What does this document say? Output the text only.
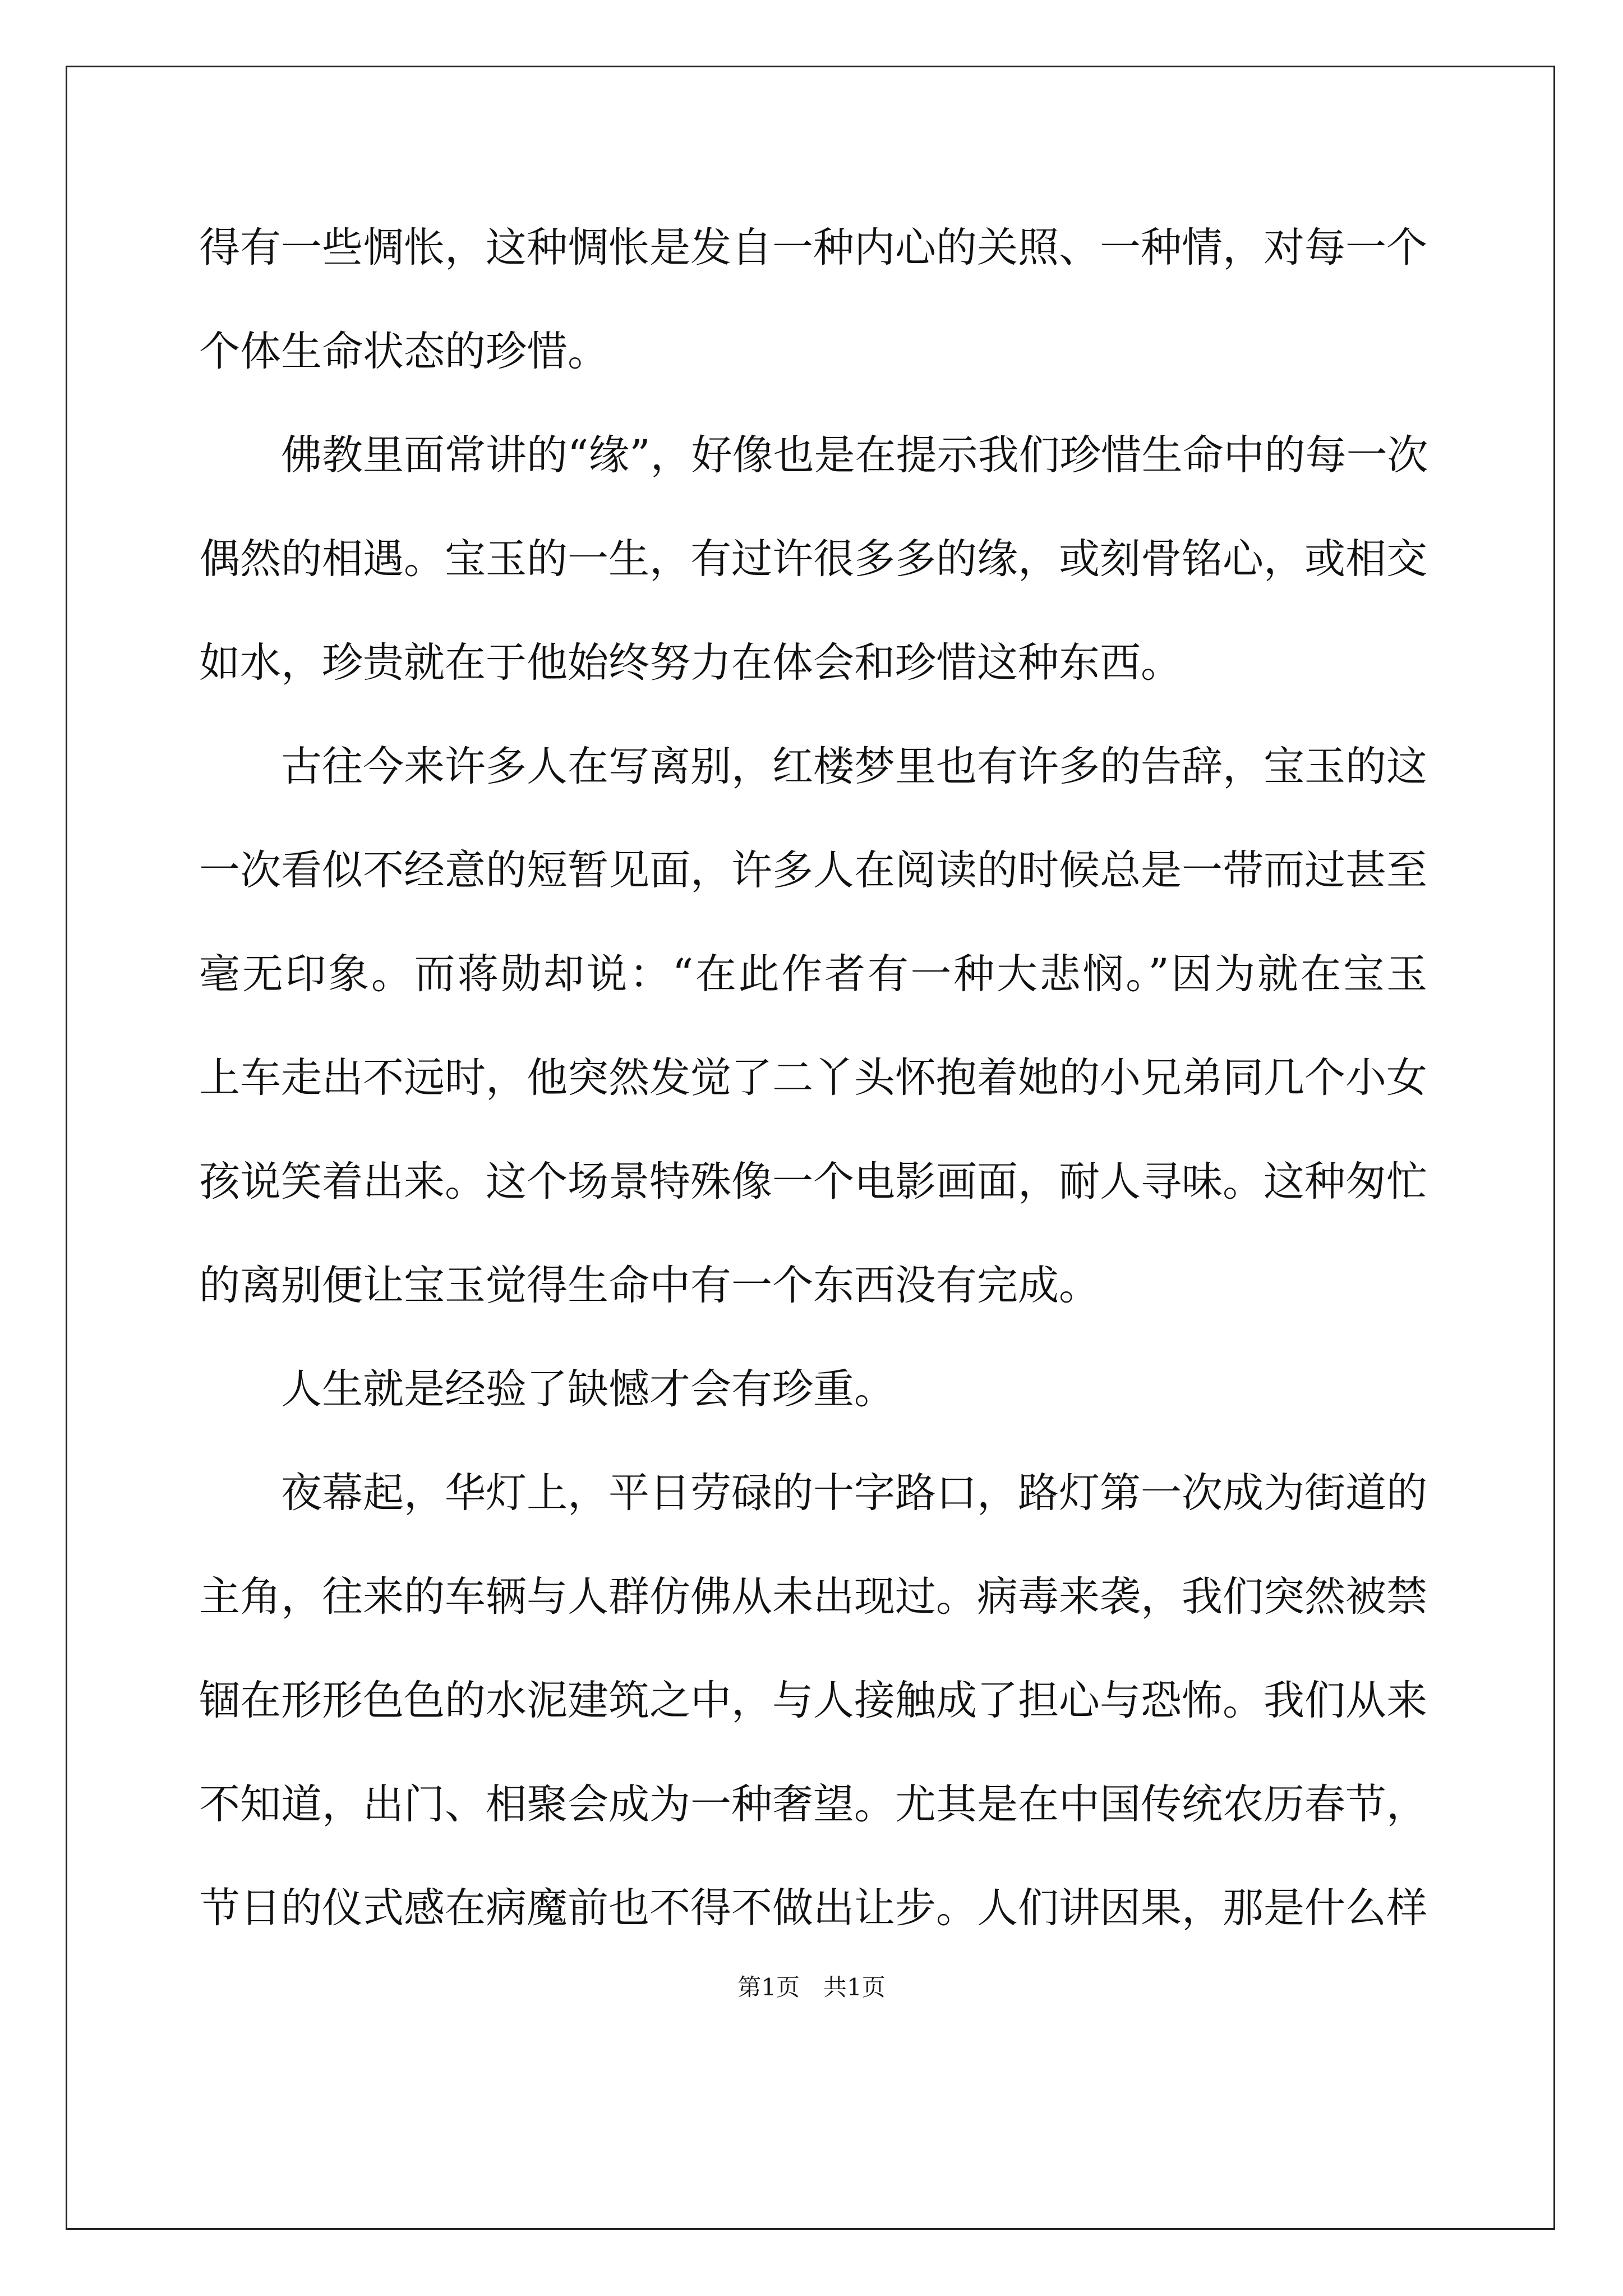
得有一些惆怅，这种惆怅是发自一种内心的关照、一种情，对每一个
个体生命状态的珍惜。
佛教里面常讲的“缘”，好像也是在提示我们珍惜生命中的每一次
偶然的相遇。宝玉的一生，有过许很多多的缘，或刻骨铭心，或相交
如水，珍贵就在于他始终努力在体会和珍惜这种东西。
古往今来许多人在写离别，红楼梦里也有许多的告辞，宝玉的这
一次看似不经意的短暂见面，许多人在阅读的时候总是一带而过甚至
毫无印象。而蒋勋却说：“在此作者有一种大悲悯。”因为就在宝玉
上车走出不远时，他突然发觉了二丫头怀抱着她的小兄弟同几个小女
孩说笑着出来。这个场景特殊像一个电影画面，耐人寻味。这种匆忙
的离别便让宝玉觉得生命中有一个东西没有完成。
人生就是经验了缺憾才会有珍重。
夜幕起，华灯上，平日劳碌的十字路口，路灯第一次成为街道的
主角，往来的车辆与人群仿佛从未出现过。病毒来袭，我们突然被禁
锢在形形色色的水泥建筑之中，与人接触成了担心与恐怖。我们从来
不知道，出门、相聚会成为一种奢望。尤其是在中国传统农历春节，
节日的仪式感在病魔前也不得不做出让步。人们讲因果，那是什么样
第1页　共1页
